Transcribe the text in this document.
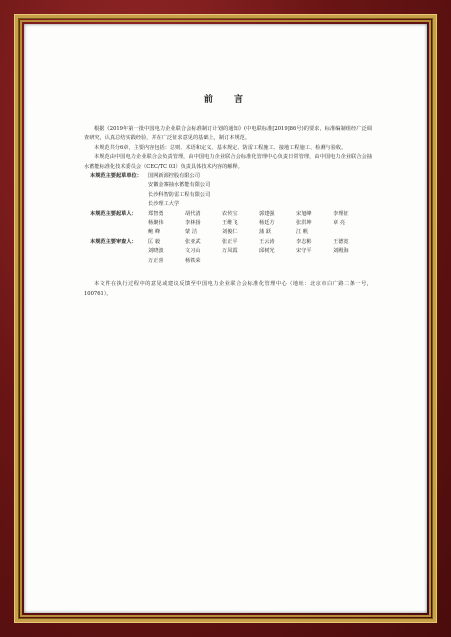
前 言

根据《2019年第一批中国电力企业联合会标准制订计划的通知》(中电联标准[2019]86号)的要求，标准编制组经广泛调查研究，认真总结实践经验，并在广泛征求意见的基础上，制订本规范。

本规范共分6章，主要内容包括：总则、术语和定义、基本规定、防雷工程施工、接地工程施工、检测与验收。

本规范由中国电力企业联合会负责管理，由中国电力企业联合会标准化管理中心负责日常管理，由中国电力企业联合会抽水蓄能标准化技术委员会（CEC/TC 03）负责具体技术内容的解释。

本规范主要起草单位：	国网新源控股有限公司
安徽金寨抽水蓄能有限公司
长沙科智防雷工程有限公司
长沙理工大学
本规范主要起草人：	郑智勇	胡代清	农传宝	郭建强	宋旭峰	李理征
杨聚伟	李林扬	王维飞	杨廷方	张洪坤	章 亮
鲍 峰	蒙 洁	刘俊仁	蒲 跃	江 帆
本规范主要审查人：	匡 毅	张亚武	张正平	王云涛	李志彬	王德宽
刘晓波	文习山	万凤霞	邱树光	宋守平	刘殿海
万正喜	杨铁荣

本文件在执行过程中的意见或建议反馈至中国电力企业联合会标准化管理中心（地址：北京市白广路二条一号，100761）。
